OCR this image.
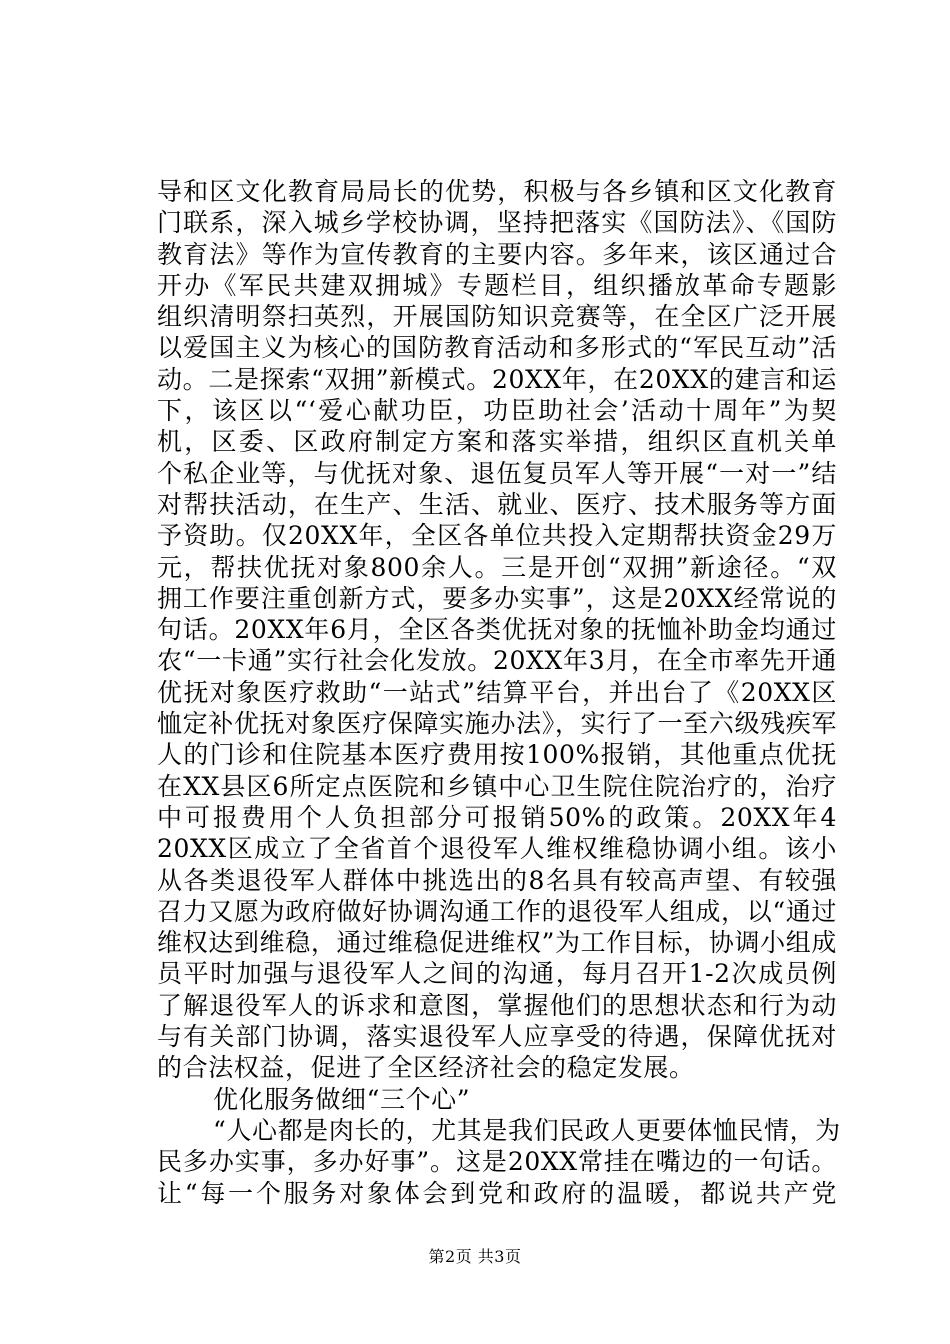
导和区文化教育局局长的优势，积极与各乡镇和区文化教育
门联系，深入城乡学校协调，坚持把落实《国防法》、《国防
教育法》等作为宣传教育的主要内容。多年来，该区通过合
开办《军民共建双拥城》专题栏目，组织播放革命专题影
组织清明祭扫英烈，开展国防知识竞赛等，在全区广泛开展
以爱国主义为核心的国防教育活动和多形式的“军民互动”活
动。二是探索“双拥”新模式。20XX年，在20XX的建言和运
下，该区以“‘爱心献功臣，功臣助社会’活动十周年”为契
机，区委、区政府制定方案和落实举措，组织区直机关单
个私企业等，与优抚对象、退伍复员军人等开展“一对一”结
对帮扶活动，在生产、生活、就业、医疗、技术服务等方面
予资助。仅20XX年，全区各单位共投入定期帮扶资金29万
元，帮扶优抚对象800余人。三是开创“双拥”新途径。“双
拥工作要注重创新方式，要多办实事”，这是20XX经常说的
句话。20XX年6月，全区各类优抚对象的抚恤补助金均通过
农“一卡通”实行社会化发放。20XX年3月，在全市率先开通
优抚对象医疗救助“一站式”结算平台，并出台了《20XX区
恤定补优抚对象医疗保障实施办法》，实行了一至六级残疾军
人的门诊和住院基本医疗费用按100%报销，其他重点优抚
在XX县区6所定点医院和乡镇中心卫生院住院治疗的，治疗
中可报费用个人负担部分可报销50%的政策。20XX年4
20XX区成立了全省首个退役军人维权维稳协调小组。该小
从各类退役军人群体中挑选出的8名具有较高声望、有较强
召力又愿为政府做好协调沟通工作的退役军人组成，以“通过
维权达到维稳，通过维稳促进维权”为工作目标，协调小组成
员平时加强与退役军人之间的沟通，每月召开1-2次成员例
了解退役军人的诉求和意图，掌握他们的思想状态和行为动
与有关部门协调，落实退役军人应享受的待遇，保障优抚对
的合法权益，促进了全区经济社会的稳定发展。
优化服务做细“三个心”
“人心都是肉长的，尤其是我们民政人更要体恤民情，为
民多办实事，多办好事”。这是20XX常挂在嘴边的一句话。
让“每一个服务对象体会到党和政府的温暖，都说共产党
第2页 共3页
